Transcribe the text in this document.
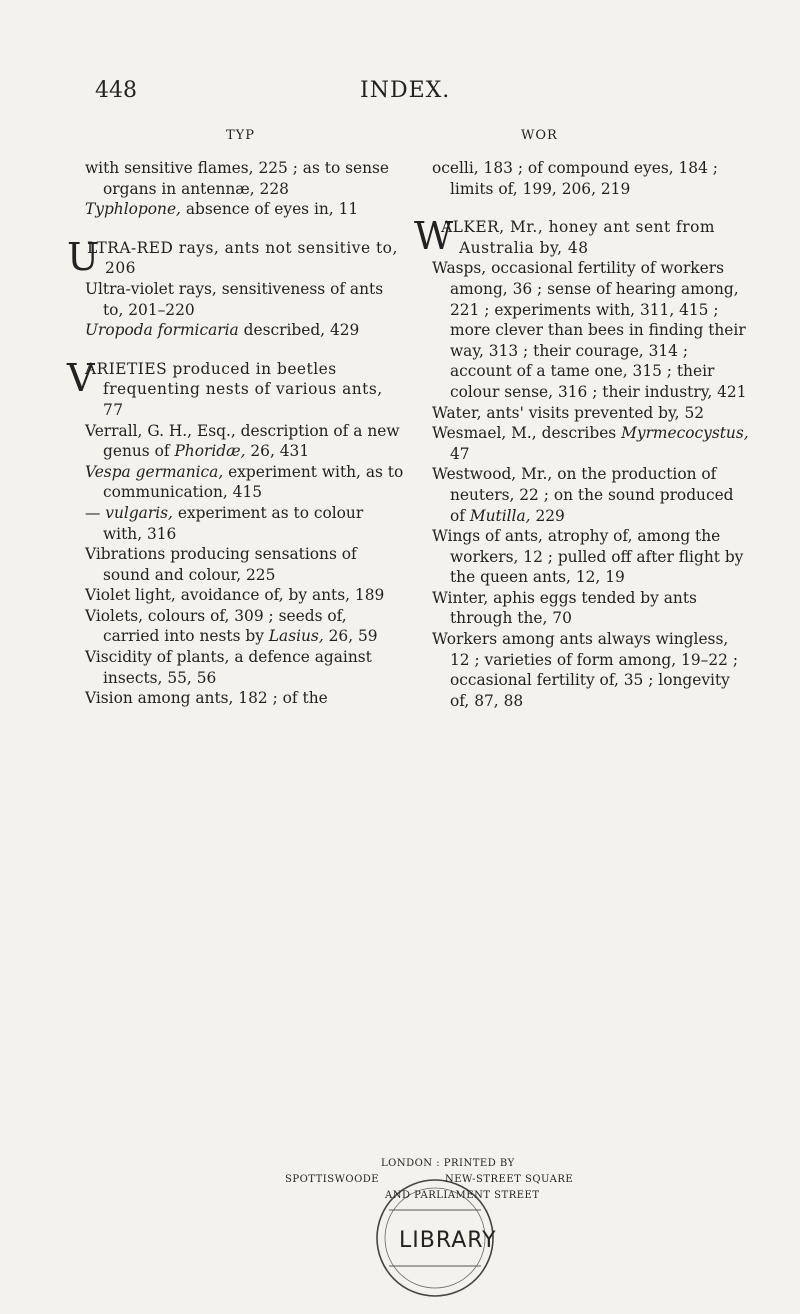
448	INDEX.
TYP	WOR
with sensitive flames, 225 ; as to sense organs in antennæ, 228
Typhlopone, absence of eyes in, 11
U
LTRA-RED rays, ants not sensitive to, 206
Ultra-violet rays, sensitiveness of ants to, 201–220
Uropoda formicaria described, 429
V
ARIETIES produced in beetles frequenting nests of various ants, 77
Verrall, G. H., Esq., description of a new genus of Phoridæ, 26, 431
Vespa germanica, experiment with, as to communication, 415
— vulgaris, experiment as to colour with, 316
Vibrations producing sensations of sound and colour, 225
Violet light, avoidance of, by ants, 189
Violets, colours of, 309 ; seeds of, carried into nests by Lasius, 26, 59
Viscidity of plants, a defence against insects, 55, 56
Vision among ants, 182 ; of the
ocelli, 183 ; of compound eyes, 184 ; limits of, 199, 206, 219
W
ALKER, Mr., honey ant sent from Australia by, 48
Wasps, occasional fertility of workers among, 36 ; sense of hearing among, 221 ; experiments with, 311, 415 ; more clever than bees in finding their way, 313 ; their courage, 314 ; account of a tame one, 315 ; their colour sense, 316 ; their industry, 421
Water, ants' visits prevented by, 52
Wesmael, M., describes Myrmecocystus, 47
Westwood, Mr., on the production of neuters, 22 ; on the sound produced of Mutilla, 229
Wings of ants, atrophy of, among the workers, 12 ; pulled off after flight by the queen ants, 12, 19
Winter, aphis eggs tended by ants through the, 70
Workers among ants always wingless, 12 ; varieties of form among, 19–22 ; occasional fertility of, 35 ; longevity of, 87, 88
LONDON : PRINTED BY
SPOTTISWOODE	NEW-STREET SQUARE
AND PARLIAMENT STREET
LIBRARY
